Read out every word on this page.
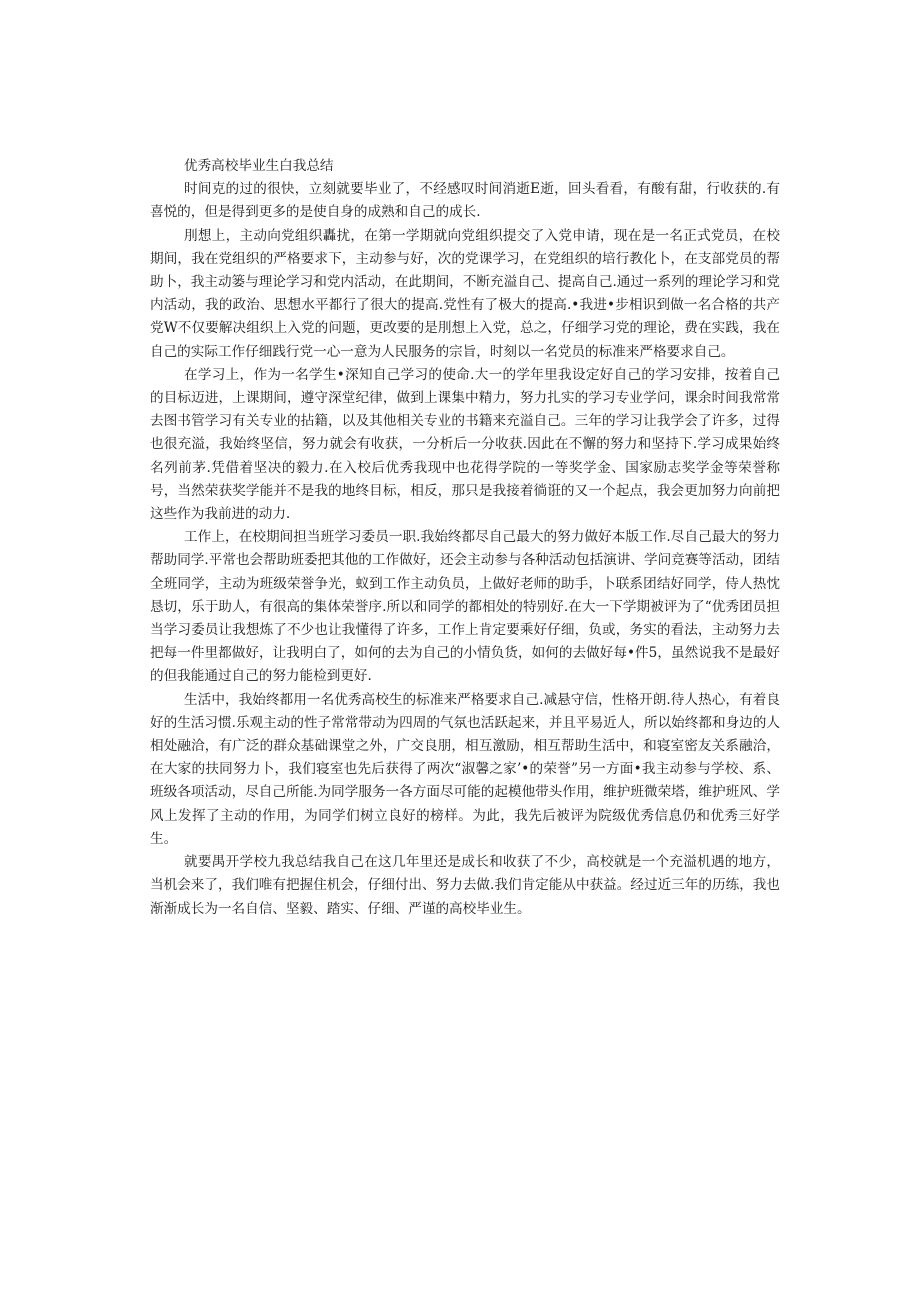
优秀高校毕业生白我总结

时间克的过的很快，立刻就要毕业了，不经感叹时间消逝E逝，回头看看，有酸有甜，行收获的.有喜悦的，但是得到更多的是使自身的成熟和自己的成长.

刖想上，主动向党组织轟扰，在第一学期就向党组织提交了入党申请，现在是一名正式党员，在校期间，我在党组织的严格要求下，主动参与好，次的党课学习，在党组织的培行教化卜，在支部党员的帮助卜，我主动篓与理论学习和党内活动，在此期间，不断充溢自己、提高自己.通过一系列的理论学习和党内活动，我的政治、思想水平都行了很大的提高.党性有了极大的提高.•我进•步相识到做一名合格的共产党W不仅要解决组织上入党的问题，更改要的是刖想上入党，总之，仔细学习党的理论，费在实践，我在自己的实际工作仔细践行党一心一意为人民服务的宗旨，时刻以一名党员的标准来严格要求自己。

在学习上，作为一名学生•深知自己学习的使命.大一的学年里我设定好自己的学习安排，按着自己的目标迈进，上课期间，遵守深堂纪律，做到上课集中精力，努力扎实的学习专业学问，课余时间我常常去图书管学习有关专业的拈籍，以及其他相关专业的书籍来充溢自己。三年的学习让我学会了许多，过得也很充溢，我始终坚信，努力就会有收获，一分析后一分收获.因此在不懈的努力和坚持下.学习成果始终名列前茅.凭借着坚决的毅力.在入校后优秀我现中也花得学院的一等奖学金、国家励志奖学金等荣誉称号，当然荣获奖学能并不是我的地终目标，相反，那只是我接着徜诳的又一个起点，我会更加努力向前把这些作为我前进的动力.

工作上，在校期间担当班学习委员一职.我始终都尽自己最大的努力做好本版工作.尽自己最大的努力帮助同学.平常也会帮助班委把其他的工作做好，还会主动参与各种活动包括演讲、学问竞赛等活动，团结全班同学，主动为班级荣誉争光，蚁到工作主动负员，上做好老师的助手，卜联系团结好同学，侍人热忱恳切，乐于助人，有很高的集体荣誉序.所以和同学的都相处的特别好.在大一下学期被评为了“优秀团员担当学习委员让我想炼了不少也让我懂得了许多，工作上肯定要乘好仔细，负或，务实的看法，主动努力去把每一件里都做好，让我明白了，如何的去为自己的小情负货，如何的去做好每•件5，虽然说我不是最好的但我能通过自己的努力能检到更好.

生活中，我始终都用一名优秀高校生的标准来严格要求自己.减悬守信，性格开朗.待人热心，有着良好的生活习惯.乐观主动的性子常常带动为四周的气氛也活跃起来，并且平易近人，所以始终都和身边的人相处融洽，有广泛的群众基础课堂之外，广交良朋，相互激励，相互帮助生活中，和寝室密友关系融洽，在大家的扶同努力卜，我们寝室也先后获得了两次“淑馨之家’•的荣誉”另一方面•我主动参与学校、系、班级各项活动，尽自己所能.为同学服务一各方面尽可能的起模他带头作用，维护班微荣塔，维护班风、学风上发挥了主动的作用，为同学们树立良好的榜样。为此，我先后被评为院级优秀信息仍和优秀三好学生。

就要禺开学校九我总结我自己在这几年里还是成长和收获了不少，高校就是一个充溢机遇的地方，当机会来了，我们唯有把握住机会，仔细付出、努力去做.我们肯定能从中获益。经过近三年的历练，我也渐渐成长为一名自信、坚毅、踏实、仔细、严谨的高校毕业生。
